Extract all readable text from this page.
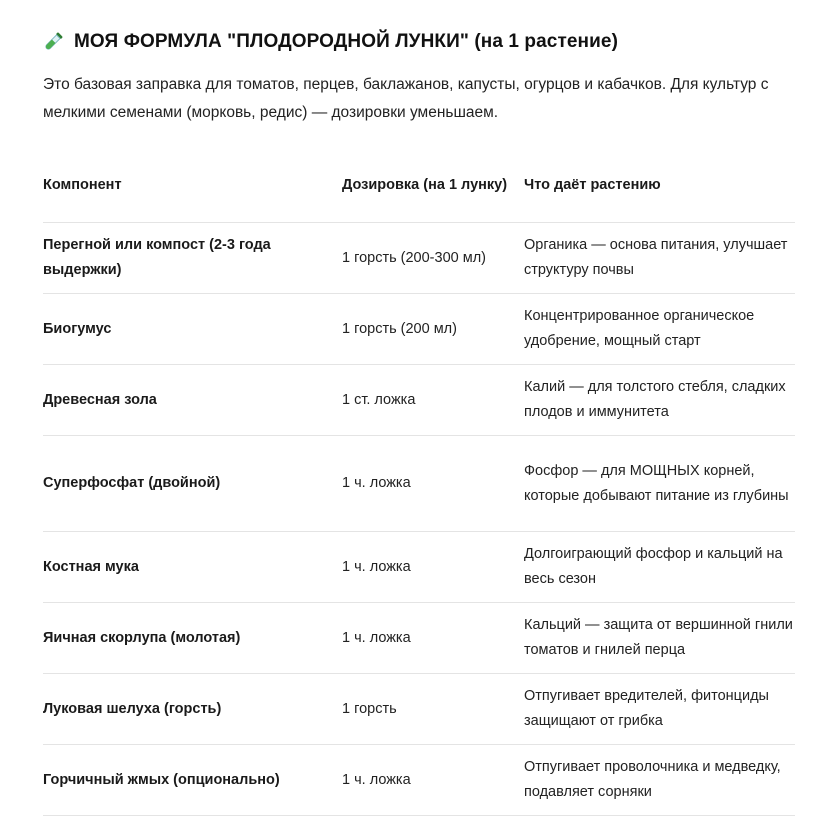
МОЯ ФОРМУЛА "ПЛОДОРОДНОЙ ЛУНКИ" (на 1 растение)

Это базовая заправка для томатов, перцев, баклажанов, капусты, огурцов и кабачков. Для культур с мелкими семенами (морковь, редис) — дозировки уменьшаем.

Компонент	Дозировка (на 1 лунку)	Что даёт растению
Перегной или компост (2-3 года выдержки)	1 горсть (200-300 мл)	Органика — основа питания, улучшает структуру почвы
Биогумус	1 горсть (200 мл)	Концентрированное органическое удобрение, мощный старт
Древесная зола	1 ст. ложка	Калий — для толстого стебля, сладких плодов и иммунитета
Суперфосфат (двойной)	1 ч. ложка	Фосфор — для МОЩНЫХ корней, которые добывают питание из глубины
Костная мука	1 ч. ложка	Долгоиграющий фосфор и кальций на весь сезон
Яичная скорлупа (молотая)	1 ч. ложка	Кальций — защита от вершинной гнили томатов и гнилей перца
Луковая шелуха (горсть)	1 горсть	Отпугивает вредителей, фитонциды защищают от грибка
Горчичный жмых (опционально)	1 ч. ложка	Отпугивает проволочника и медведку, подавляет сорняки
